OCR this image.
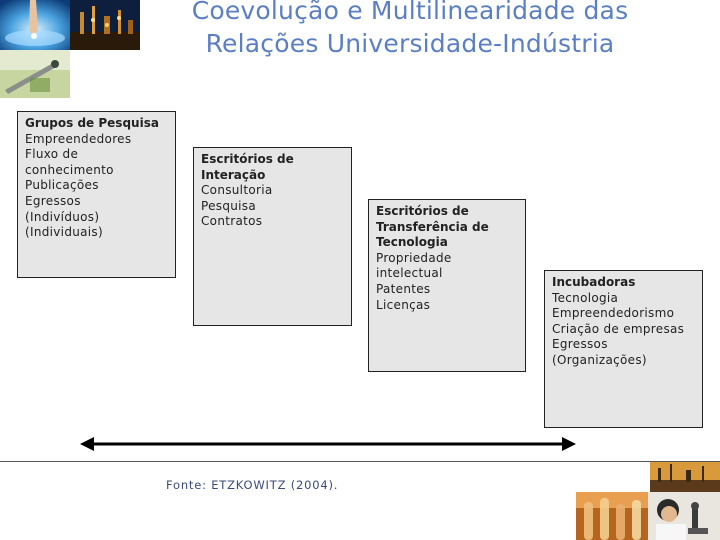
Coevolução e Multilinearidade das
Relações Universidade-Indústria
Grupos de Pesquisa
Empreendedores
Fluxo de conhecimento
Publicações
Egressos
(Indivíduos)
(Individuais)
Escritórios de
Interação
Consultoria
Pesquisa
Contratos
Escritórios de
Transferência de
Tecnologia
Propriedade intelectual
Patentes
Licenças
Incubadoras
Tecnologia
Empreendedorismo
Criação de empresas
Egressos
(Organizações)
Fonte: ETZKOWITZ (2004).
